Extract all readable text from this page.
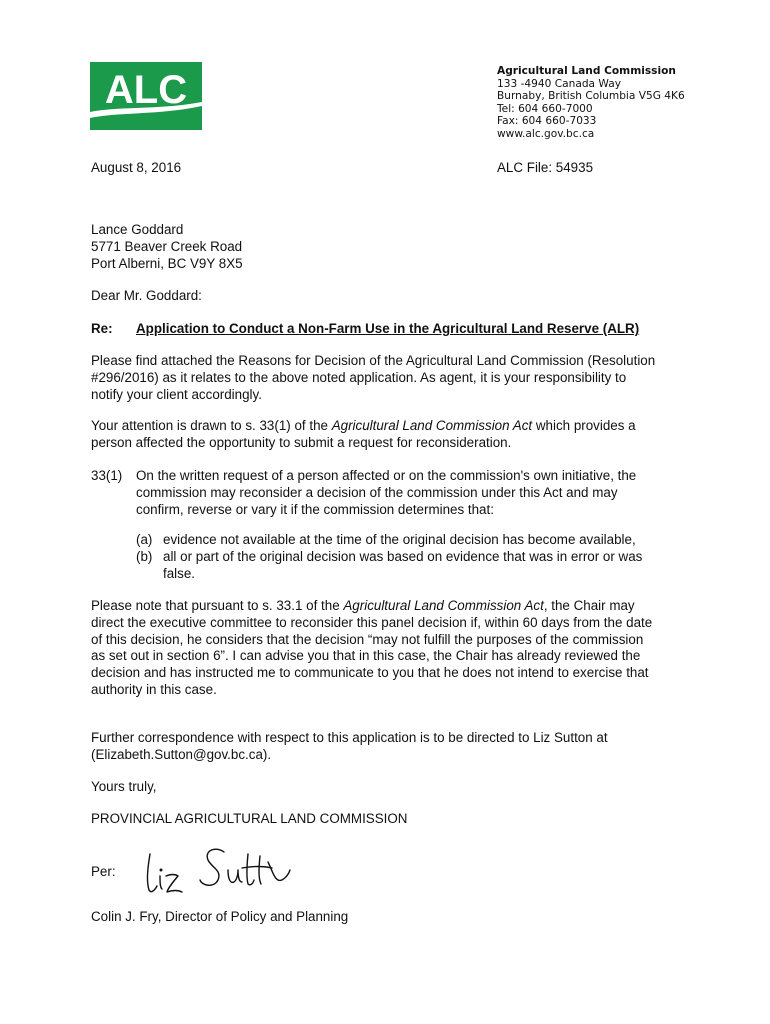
ALC	Agricultural Land Commission
133 -4940 Canada Way
Burnaby, British Columbia V5G 4K6
Tel: 604 660-7000
Fax: 604 660-7033
www.alc.gov.bc.ca
August 8, 2016	ALC File: 54935
Lance Goddard
5771 Beaver Creek Road
Port Alberni, BC V9Y 8X5
Dear Mr. Goddard:
Re: Application to Conduct a Non-Farm Use in the Agricultural Land Reserve (ALR)
Please find attached the Reasons for Decision of the Agricultural Land Commission (Resolution
#296/2016) as it relates to the above noted application. As agent, it is your responsibility to
notify your client accordingly.
Your attention is drawn to s. 33(1) of the Agricultural Land Commission Act which provides a
person affected the opportunity to submit a request for reconsideration.
33(1) On the written request of a person affected or on the commission's own initiative, the
commission may reconsider a decision of the commission under this Act and may
confirm, reverse or vary it if the commission determines that:
(a) evidence not available at the time of the original decision has become available,
(b) all or part of the original decision was based on evidence that was in error or was
false.
Please note that pursuant to s. 33.1 of the Agricultural Land Commission Act, the Chair may
direct the executive committee to reconsider this panel decision if, within 60 days from the date
of this decision, he considers that the decision “may not fulfill the purposes of the commission
as set out in section 6”. I can advise you that in this case, the Chair has already reviewed the
decision and has instructed me to communicate to you that he does not intend to exercise that
authority in this case.
Further correspondence with respect to this application is to be directed to Liz Sutton at
(Elizabeth.Sutton@gov.bc.ca).
Yours truly,
PROVINCIAL AGRICULTURAL LAND COMMISSION
Per:
Colin J. Fry, Director of Policy and Planning
